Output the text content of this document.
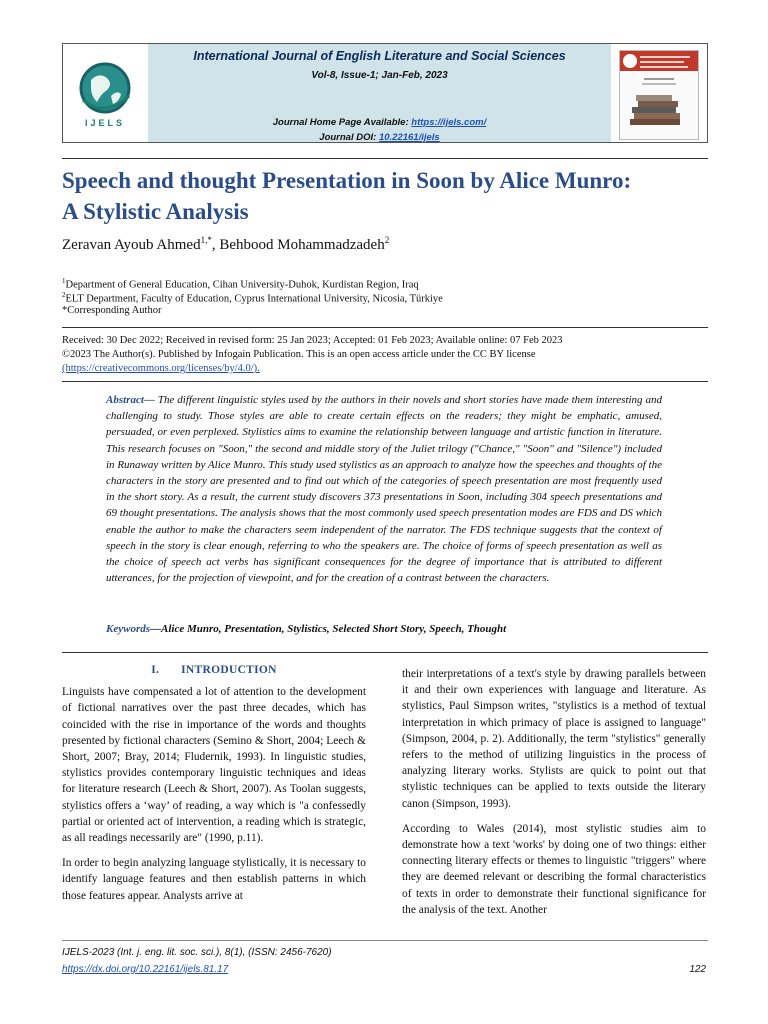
IJELS
International Journal of English Literature and Social Sciences
Vol-8, Issue-1; Jan-Feb, 2023
Journal Home Page Available: https://ijels.com/
Journal DOI: 10.22161/ijels
Speech and thought Presentation in Soon by Alice Munro:
A Stylistic Analysis
Zeravan Ayoub Ahmed$^{1,*}$, Behbood Mohammadzadeh$^2$
$^1$Department of General Education, Cihan University-Duhok, Kurdistan Region, Iraq
$^2$ELT Department, Faculty of Education, Cyprus International University, Nicosia, Türkiye
*Corresponding Author
Received: 30 Dec 2022; Received in revised form: 25 Jan 2023; Accepted: 01 Feb 2023; Available online: 07 Feb 2023
©2023 The Author(s). Published by Infogain Publication. This is an open access article under the CC BY license
(https://creativecommons.org/licenses/by/4.0/).

Abstract— The different linguistic styles used by the authors in their novels and short stories have made them interesting and challenging to study. Those styles are able to create certain effects on the readers; they might be emphatic, amused, persuaded, or even perplexed. Stylistics aims to examine the relationship between language and artistic function in literature. This research focuses on "Soon," the second and middle story of the Juliet trilogy ("Chance," "Soon" and "Silence") included in Runaway written by Alice Munro. This study used stylistics as an approach to analyze how the speeches and thoughts of the characters in the story are presented and to find out which of the categories of speech presentation are most frequently used in the short story. As a result, the current study discovers 373 presentations in Soon, including 304 speech presentations and 69 thought presentations. The analysis shows that the most commonly used speech presentation modes are FDS and DS which enable the author to make the characters seem independent of the narrator. The FDS technique suggests that the context of speech in the story is clear enough, referring to who the speakers are. The choice of forms of speech presentation as well as the choice of speech act verbs has significant consequences for the degree of importance that is attributed to different utterances, for the projection of viewpoint, and for the creation of a contrast between the characters.

Keywords—Alice Munro, Presentation, Stylistics, Selected Short Story, Speech, Thought

I. INTRODUCTION

Linguists have compensated a lot of attention to the development of fictional narratives over the past three decades, which has coincided with the rise in importance of the words and thoughts presented by fictional characters (Semino & Short, 2004; Leech & Short, 2007; Bray, 2014; Fludernik, 1993). In linguistic studies, stylistics provides contemporary linguistic techniques and ideas for literature research (Leech & Short, 2007). As Toolan suggests, stylistics offers a ‘way’ of reading, a way which is "a confessedly partial or oriented act of intervention, a reading which is strategic, as all readings necessarily are" (1990, p.11).

In order to begin analyzing language stylistically, it is necessary to identify language features and then establish patterns in which those features appear. Analysts arrive at

their interpretations of a text's style by drawing parallels between it and their own experiences with language and literature. As stylistics, Paul Simpson writes, "stylistics is a method of textual interpretation in which primacy of place is assigned to language" (Simpson, 2004, p. 2). Additionally, the term "stylistics" generally refers to the method of utilizing linguistics in the process of analyzing literary works. Stylists are quick to point out that stylistic techniques can be applied to texts outside the literary canon (Simpson, 1993).

According to Wales (2014), most stylistic studies aim to demonstrate how a text 'works' by doing one of two things: either connecting literary effects or themes to linguistic "triggers" where they are deemed relevant or describing the formal characteristics of texts in order to demonstrate their functional significance for the analysis of the text. Another

IJELS-2023 (Int. j. eng. lit. soc. sci.), 8(1), (ISSN: 2456-7620)
https://dx.doi.org/10.22161/ijels.81.17	122
